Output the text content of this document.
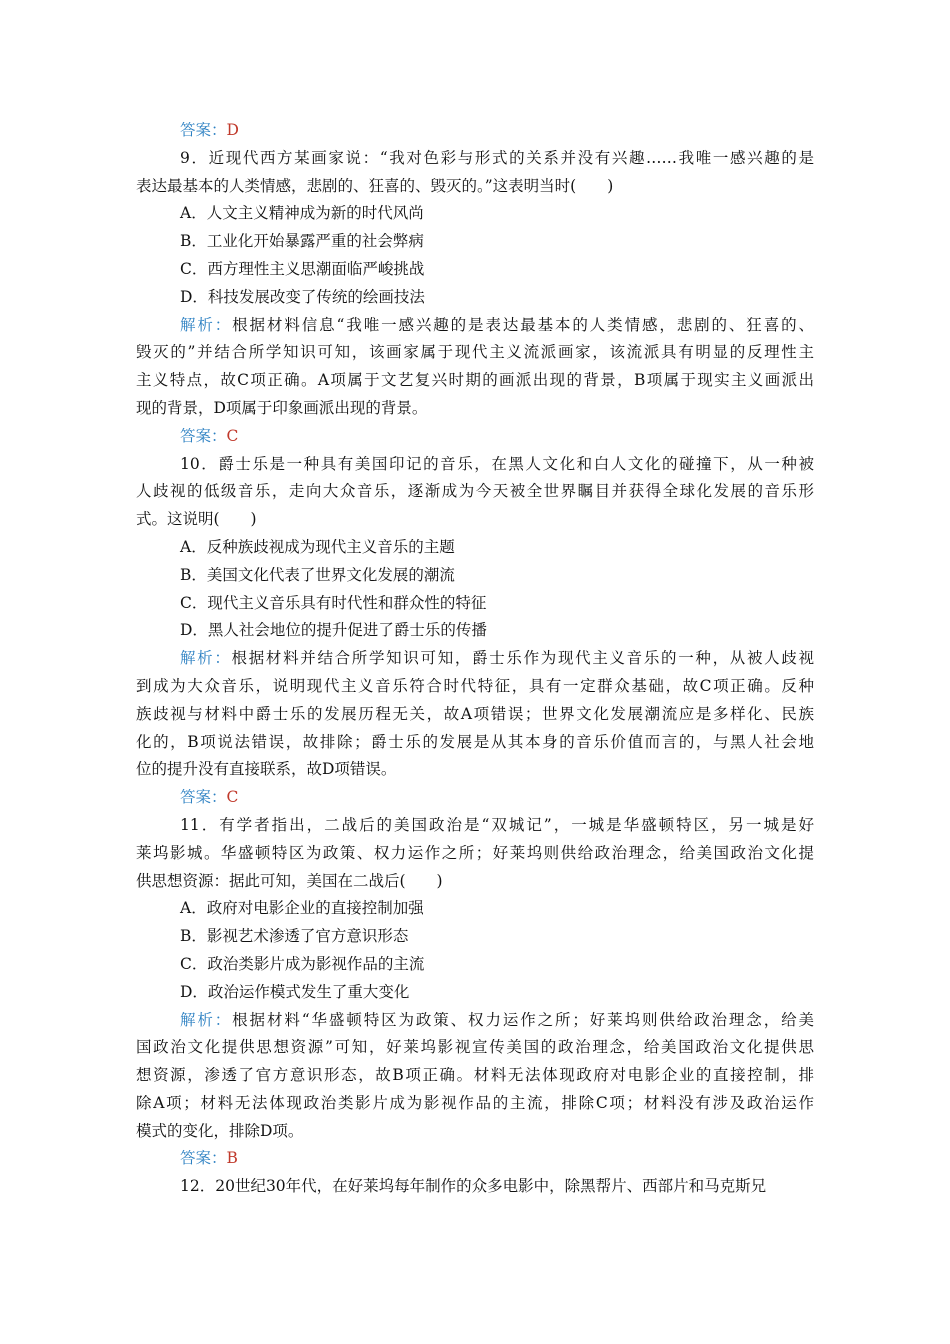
答案：D
9．近现代西方某画家说：“我对色彩与形式的关系并没有兴趣……我唯一感兴趣的是
表达最基本的人类情感，悲剧的、狂喜的、毁灭的。”这表明当时(　　)
A．人文主义精神成为新的时代风尚
B．工业化开始暴露严重的社会弊病
C．西方理性主义思潮面临严峻挑战
D．科技发展改变了传统的绘画技法
解析：根据材料信息“我唯一感兴趣的是表达最基本的人类情感，悲剧的、狂喜的、
毁灭的”并结合所学知识可知，该画家属于现代主义流派画家，该流派具有明显的反理性主
主义特点，故C项正确。A项属于文艺复兴时期的画派出现的背景，B项属于现实主义画派出
现的背景，D项属于印象画派出现的背景。
答案：C
10．爵士乐是一种具有美国印记的音乐，在黑人文化和白人文化的碰撞下，从一种被
人歧视的低级音乐，走向大众音乐，逐渐成为今天被全世界瞩目并获得全球化发展的音乐形
式。这说明(　　)
A．反种族歧视成为现代主义音乐的主题
B．美国文化代表了世界文化发展的潮流
C．现代主义音乐具有时代性和群众性的特征
D．黑人社会地位的提升促进了爵士乐的传播
解析：根据材料并结合所学知识可知，爵士乐作为现代主义音乐的一种，从被人歧视
到成为大众音乐，说明现代主义音乐符合时代特征，具有一定群众基础，故C项正确。反种
族歧视与材料中爵士乐的发展历程无关，故A项错误；世界文化发展潮流应是多样化、民族
化的，B项说法错误，故排除；爵士乐的发展是从其本身的音乐价值而言的，与黑人社会地
位的提升没有直接联系，故D项错误。
答案：C
11．有学者指出，二战后的美国政治是“双城记”，一城是华盛顿特区，另一城是好
莱坞影城。华盛顿特区为政策、权力运作之所；好莱坞则供给政治理念，给美国政治文化提
供思想资源：据此可知，美国在二战后(　　)
A．政府对电影企业的直接控制加强
B．影视艺术渗透了官方意识形态
C．政治类影片成为影视作品的主流
D．政治运作模式发生了重大变化
解析：根据材料“华盛顿特区为政策、权力运作之所；好莱坞则供给政治理念，给美
国政治文化提供思想资源”可知，好莱坞影视宣传美国的政治理念，给美国政治文化提供思
想资源，渗透了官方意识形态，故B项正确。材料无法体现政府对电影企业的直接控制，排
除A项；材料无法体现政治类影片成为影视作品的主流，排除C项；材料没有涉及政治运作
模式的变化，排除D项。
答案：B
12．20世纪30年代，在好莱坞每年制作的众多电影中，除黑帮片、西部片和马克斯兄
